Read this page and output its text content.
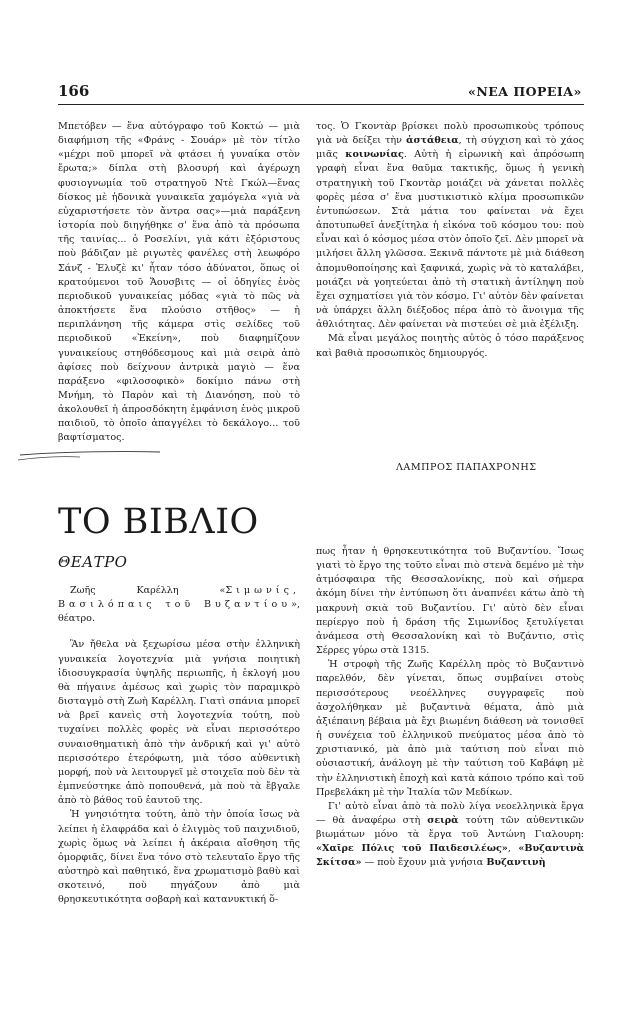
166	«ΝΕΑ ΠΟΡΕΙΑ»

Μπετόβεν — ἕνα αὐτόγραφο τοῦ Κοκτώ — μιὰ διαφήμιση τῆς «Φράνς - Σουάρ» μὲ τὸν τίτλο «μέχρι ποῦ μπορεῖ νὰ φτάσει ἡ γυναίκα στὸν ἔρωτα;» δίπλα στὴ βλοσυρή καὶ ἀγέρωχη φυσιογνωμία τοῦ στρατηγοῦ Ντὲ Γκώλ—ἕνας δίσκος μὲ ἡδονικὰ γυναικεῖα χαμόγελα «γιὰ νὰ εὐχαριστήσετε τὸν ἄντρα σας»—μιὰ παράξενη ἱστορία ποὺ διηγήθηκε σ' ἕνα ἀπὸ τὰ πρόσωπα τῆς ταινίας... ὁ Ροσελίνι, γιὰ κάτι ἐξόριστους ποὺ βάδιζαν μὲ ριγωτὲς φανέλες στὴ λεωφόρο Σάνζ - Ἐλυζὲ κι' ἦταν τόσο ἀδύνατοι, ὅπως οἱ κρατούμενοι τοῦ Ἄουσβιτς — οἱ ὁδηγίες ἑνὸς περιοδικοῦ γυναικείας μόδας «γιὰ τὸ πῶς νὰ ἀποκτήσετε ἕνα πλούσιο στῆθος» — ἡ περιπλάνηση τῆς κάμερα στὶς σελίδες τοῦ περιοδικοῦ «Ἐκείνη», ποὺ διαφημίζουν γυναικείους στηθόδεσμους καὶ μιὰ σειρὰ ἀπὸ ἀφίσες ποὺ δείχνουν ἀντρικὰ μαγιὸ — ἕνα παράξενο «φιλοσοφικὸ» δοκίμιο πάνω στὴ Μνήμη, τὸ Παρὸν καὶ τὴ Διανόηση, ποὺ τὸ ἀκολουθεῖ ἡ ἀπροσδόκητη ἐμφάνιση ἑνὸς μικροῦ παιδιοῦ, τὸ ὁποῖο ἀπαγγέλει τὸ δεκάλογο... τοῦ βαφτίσματος.

τος. Ὁ Γκοντὰρ βρίσκει πολὺ προσωπικοὺς τρόπους γιὰ νὰ δείξει τὴν ἀστάθεια, τὴ σύγχιση καὶ τὸ χάος μιᾶς κοινωνίας. Αὐτὴ ἡ εἰρωνικὴ καὶ ἀπρόσωπη γραφὴ εἶναι ἕνα θαῦμα τακτικῆς, ὅμως ἡ γενικὴ στρατηγικὴ τοῦ Γκοντὰρ μοιάζει νὰ χάνεται πολλὲς φορὲς μέσα σ' ἕνα μυστικιστικὸ κλίμα προσωπικῶν ἐντυπώσεων. Στὰ μάτια του φαίνεται νὰ ἔχει ἀποτυπωθεῖ ἀνεξίτηλα ἡ εἰκόνα τοῦ κόσμου του: ποὺ εἶναι καὶ ὁ κόσμος μέσα στὸν ὁποῖο ζεῖ. Δὲν μπορεῖ νὰ μιλήσει ἄλλη γλῶσσα. Ξεκινᾶ πάντοτε μὲ μιὰ διάθεση ἀπομυθοποίησης καὶ ξαφνικά, χωρὶς νὰ τὸ καταλάβει, μοιάζει νὰ γοητεύεται ἀπὸ τὴ στατικὴ ἀντίληψη ποὺ ἔχει σχηματίσει γιὰ τὸν κόσμο. Γι' αὐτὸν δὲν φαίνεται νὰ ὑπάρχει ἄλλη διέξοδος πέρα ἀπὸ τὸ ἄνοιγμα τῆς ἀθλιότητας. Δὲν φαίνεται νὰ πιστεύει σὲ μιὰ ἐξέλιξη.

Μὰ εἶναι μεγάλος ποιητὴς αὐτὸς ὁ τόσο παράξενος καὶ βαθιὰ προσωπικὸς δημιουργός.

ΛΑΜΠΡΟΣ ΠΑΠΑΧΡΟΝΗΣ
ΤΟ ΒΙΒΛΙΟ
ΘΕΑΤΡΟ

Ζωῆς Καρέλλη «Σιμωνίς, Βασιλόπαις τοῦ Βυζαντίου», θέατρο.

Ἂν ἤθελα νὰ ξεχωρίσω μέσα στὴν ἑλληνικὴ γυναικεία λογοτεχνία μιὰ γνήσια ποιητικὴ ἰδιοσυγκρασία ὑψηλῆς περιωπῆς, ἡ ἐκλογή μου θὰ πήγαινε ἀμέσως καὶ χωρὶς τὸν παραμικρὸ δισταγμὸ στὴ Ζωὴ Καρέλλη. Γιατὶ σπάνια μπορεῖ νὰ βρεῖ κανεὶς στὴ λογοτεχνία τούτη, ποὺ τυχαίνει πολλὲς φορὲς νὰ εἶναι περισσότερο συναισθηματικὴ ἀπὸ τὴν ἀνδρική καὶ γι' αὐτὸ περισσότερο ἑτερόφωτη, μιὰ τόσο αὐθεντικὴ μορφή, ποὺ νὰ λειτουργεῖ μὲ στοιχεῖα ποὺ δὲν τὰ ἐμπνεύστηκε ἀπὸ ποπουθενά, μὰ ποὺ τὰ ἔβγαλε ἀπὸ τὸ βάθος τοῦ ἑαυτοῦ της.

Ἡ γνησιότητα τούτη, ἀπὸ τὴν ὁποία ἴσως νὰ λείπει ἡ ἐλαφράδα καὶ ὁ ἐλιγμὸς τοῦ παιχνιδιοῦ, χωρὶς ὅμως νὰ λείπει ἡ ἀκέραια αἴσθηση τῆς ὀμορφιᾶς, δίνει ἕνα τόνο στὸ τελευταῖο ἔργο τῆς αὐστηρὸ καὶ παθητικό, ἕνα χρωματισμὸ βαθὺ καὶ σκοτεινό, ποὺ πηγάζουν ἀπὸ μιὰ θρησκευτικότητα σοβαρὴ καὶ κατανυκτική ὅ-

πως ἦταν ἡ θρησκευτικότητα τοῦ Βυζαντίου. Ἴσως γιατὶ τὸ ἔργο της τοῦτο εἶναι πιὸ στενὰ δεμένο μὲ τὴν ἀτμόσφαιρα τῆς Θεσσαλονίκης, ποὺ καὶ σήμερα ἀκόμη δίνει τὴν ἐντύπωση ὅτι ἀναπνέει κάτω ἀπὸ τὴ μακρυνὴ σκιὰ τοῦ Βυζαντίου. Γι' αὐτὸ δὲν εἶναι περίεργο ποὺ ἡ δράση τῆς Σιμωνίδος ξετυλίγεται ἀνάμεσα στὴ Θεσσαλονίκη καὶ τὸ Βυζάντιο, στὶς Σέρρες γύρω στὰ 1315.

Ἡ στροφὴ τῆς Ζωῆς Καρέλλη πρὸς τὸ Βυζαντινὸ παρελθόν, δὲν γίνεται, ὅπως συμβαίνει στοὺς περισσότερους νεοέλληνες συγγραφεῖς ποὺ ἀσχολήθηκαν μὲ βυζαντινὰ θέματα, ἀπὸ μιὰ ἀξιέπαινη βέβαια μὰ ἔχι βιωμένη διάθεση νὰ τονισθεῖ ἡ συνέχεια τοῦ ἑλληνικοῦ πνεύματος μέσα ἀπὸ τὸ χριστιανικό, μὰ ἀπὸ μιὰ ταύτιση ποὺ εἶναι πιὸ οὐσιαστική, ἀνάλογη μὲ τὴν ταύτιση τοῦ Καβάφη μὲ τὴν ἑλληνιστικὴ ἐποχὴ καὶ κατὰ κάποιο τρόπο καὶ τοῦ Πρεβελάκη μὲ τὴν Ἰταλία τῶν Μεδίκων.

Γι' αὐτὸ εἶναι ἀπὸ τὰ πολὺ λίγα νεοελληνικὰ ἔργα — θὰ ἀναφέρω στὴ σειρὰ τούτη τῶν αὐθεντικῶν βιωμάτων μόνο τὰ ἔργα τοῦ Ἀντώνη Γιαλουρη: «Χαῖρε Πόλις τοῦ Παιδεσιλέως», «Βυζαντινὰ Σκίτσα» — ποὺ ἔχουν μιὰ γνήσια Βυζαντινὴ
